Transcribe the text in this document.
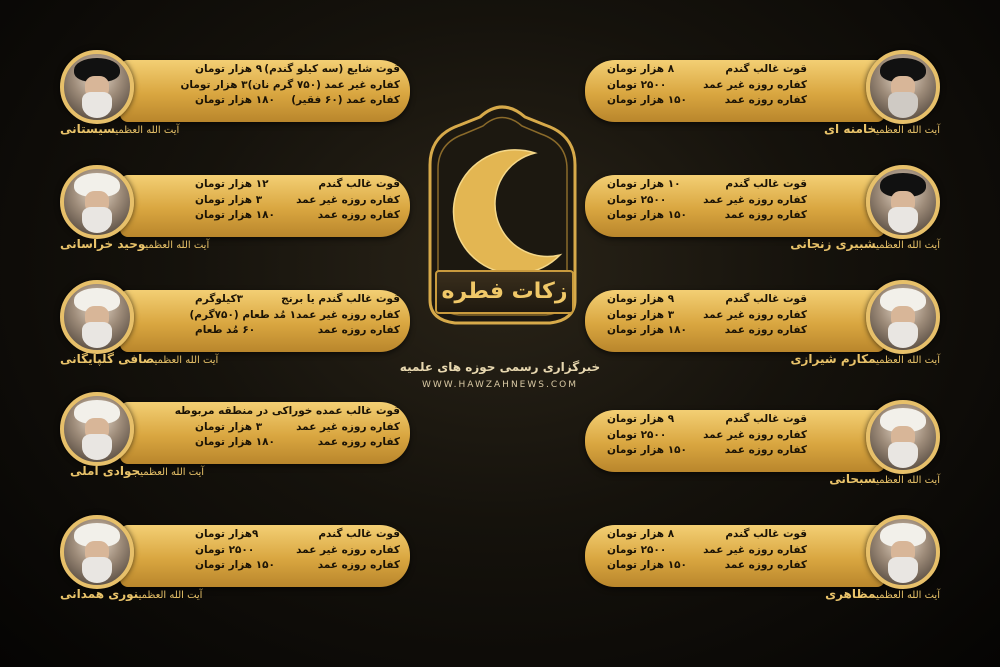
قوت شایع (سه کیلو گندم)
۹ هزار تومان
کفاره غیر عمد (۷۵۰ گرم نان)
۳ هزار تومان
کفاره عمد (۶۰ فقیر)
۱۸۰ هزار تومان
آیت الله العظمیسیستانی
قوت غالب گندم
۱۲ هزار تومان
کفاره روزه غیر عمد
۳ هزار تومان
کفاره روزه عمد
۱۸۰ هزار تومان
آیت الله العظمیوحید خراسانی
قوت غالب گندم یا برنج
۳کیلوگرم
کفاره روزه غیر عمد
۱ مُد طعام (۷۵۰گرم)
کفاره روزه عمد
۶۰ مُد طعام
آیت الله العظمیصافی گلپایگانی
قوت غالب عمده خوراکی در منطقه مربوطه
کفاره روزه غیر عمد
۳ هزار تومان
کفاره روزه عمد
۱۸۰ هزار تومان
آیت الله العظمیجوادی آملی
قوت غالب گندم
۹هزار تومان
کفاره روزه غیر عمد
۲۵۰۰ تومان
کفاره روزه عمد
۱۵۰ هزار تومان
آیت الله العظمینوری همدانی
زکات فطره
خبرگزاری رسمی حوزه های علمیه
WWW.HAWZAHNEWS.COM
قوت غالب گندم
۸ هزار تومان
کفاره روزه غیر عمد
۲۵۰۰ تومان
کفاره روزه عمد
۱۵۰ هزار تومان
آیت الله العظمیخامنه ای
قوت غالب گندم
۱۰ هزار تومان
کفاره روزه غیر عمد
۲۵۰۰ تومان
کفاره روزه عمد
۱۵۰ هزار تومان
آیت الله العظمیشبیری زنجانی
قوت غالب گندم
۹ هزار تومان
کفاره روزه غیر عمد
۳ هزار تومان
کفاره روزه عمد
۱۸۰ هزار تومان
آیت الله العظمیمکارم شیرازی
قوت غالب گندم
۹ هزار تومان
کفاره روزه غیر عمد
۲۵۰۰ تومان
کفاره روزه عمد
۱۵۰ هزار تومان
آیت الله العظمیسبحانی
قوت غالب گندم
۸ هزار تومان
کفاره روزه غیر عمد
۲۵۰۰ تومان
کفاره روزه عمد
۱۵۰ هزار تومان
آیت الله العظمیمظاهری
